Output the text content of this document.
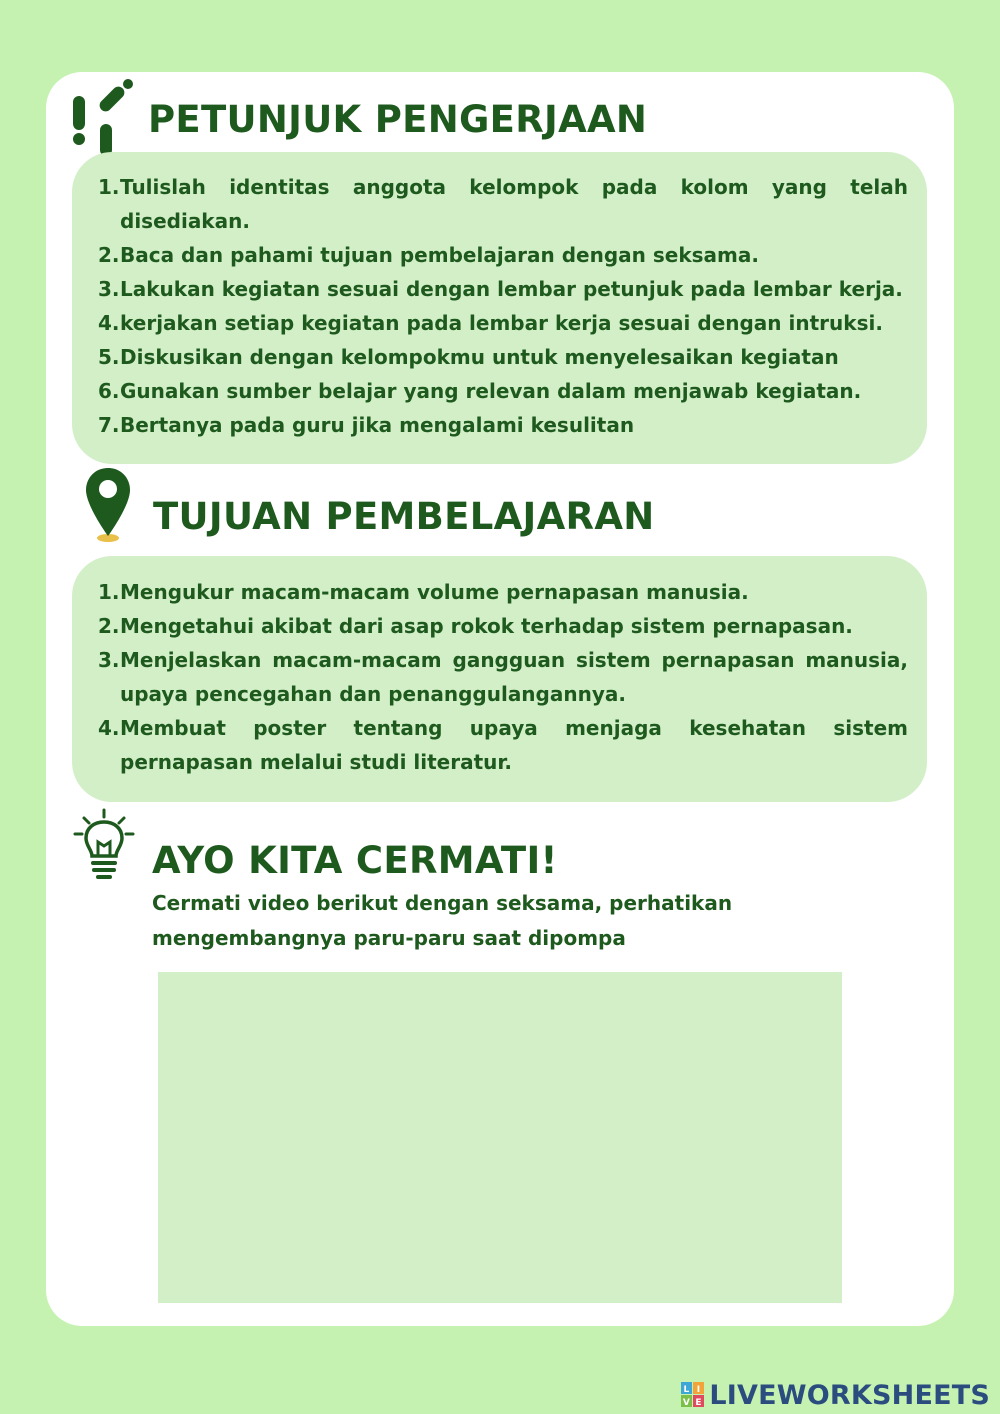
PETUNJUK PENGERJAAN
1. Tulislah identitas anggota kelompok pada kolom yang telah disediakan.
2. Baca dan pahami tujuan pembelajaran dengan seksama.
3. Lakukan kegiatan sesuai dengan lembar petunjuk pada lembar kerja.
4. kerjakan setiap kegiatan pada lembar kerja sesuai dengan intruksi.
5. Diskusikan dengan kelompokmu untuk menyelesaikan kegiatan
6. Gunakan sumber belajar yang relevan dalam menjawab kegiatan.
7. Bertanya pada guru jika mengalami kesulitan
TUJUAN PEMBELAJARAN
1. Mengukur macam-macam volume pernapasan manusia.
2. Mengetahui akibat dari asap rokok terhadap sistem pernapasan.
3. Menjelaskan macam-macam gangguan sistem pernapasan manusia, upaya pencegahan dan penanggulangannya.
4. Membuat poster tentang upaya menjaga kesehatan sistem pernapasan melalui studi literatur.
AYO KITA CERMATI!
Cermati video berikut dengan seksama, perhatikan mengembangnya paru-paru saat dipompa
L I
V E LIVEWORKSHEETS
